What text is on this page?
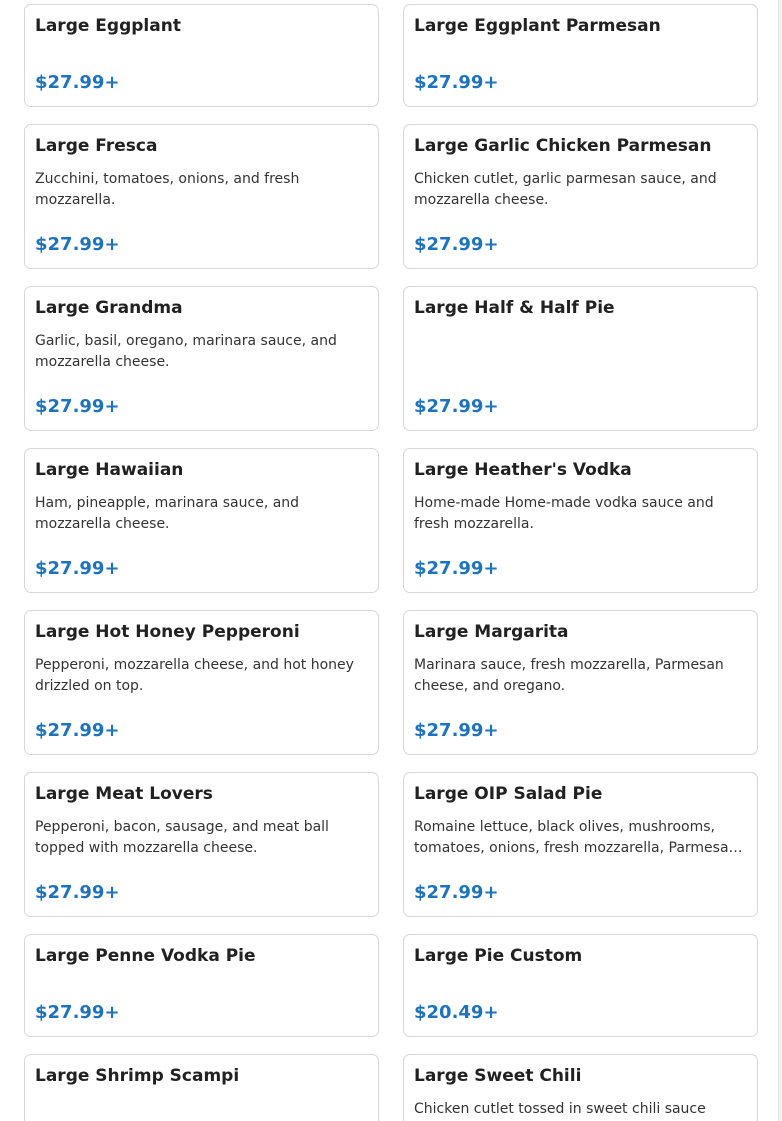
Large Eggplant
$27.99+
Large Eggplant Parmesan
$27.99+
Large Fresca
Zucchini, tomatoes, onions, and fresh mozzarella.
$27.99+
Large Garlic Chicken Parmesan
Chicken cutlet, garlic parmesan sauce, and mozzarella cheese.
$27.99+
Large Grandma
Garlic, basil, oregano, marinara sauce, and mozzarella cheese.
$27.99+
Large Half & Half Pie
$27.99+
Large Hawaiian
Ham, pineapple, marinara sauce, and mozzarella cheese.
$27.99+
Large Heather's Vodka
Home-made Home-made vodka sauce and fresh mozzarella.
$27.99+
Large Hot Honey Pepperoni
Pepperoni, mozzarella cheese, and hot honey drizzled on top.
$27.99+
Large Margarita
Marinara sauce, fresh mozzarella, Parmesan cheese, and oregano.
$27.99+
Large Meat Lovers
Pepperoni, bacon, sausage, and meat ball topped with mozzarella cheese.
$27.99+
Large OIP Salad Pie
Romaine lettuce, black olives, mushrooms, tomatoes, onions, fresh mozzarella, Parmesa…
$27.99+
Large Penne Vodka Pie
$27.99+
Large Pie Custom
$20.49+
Large Shrimp Scampi	Large Sweet Chili
Chicken cutlet tossed in sweet chili sauce
